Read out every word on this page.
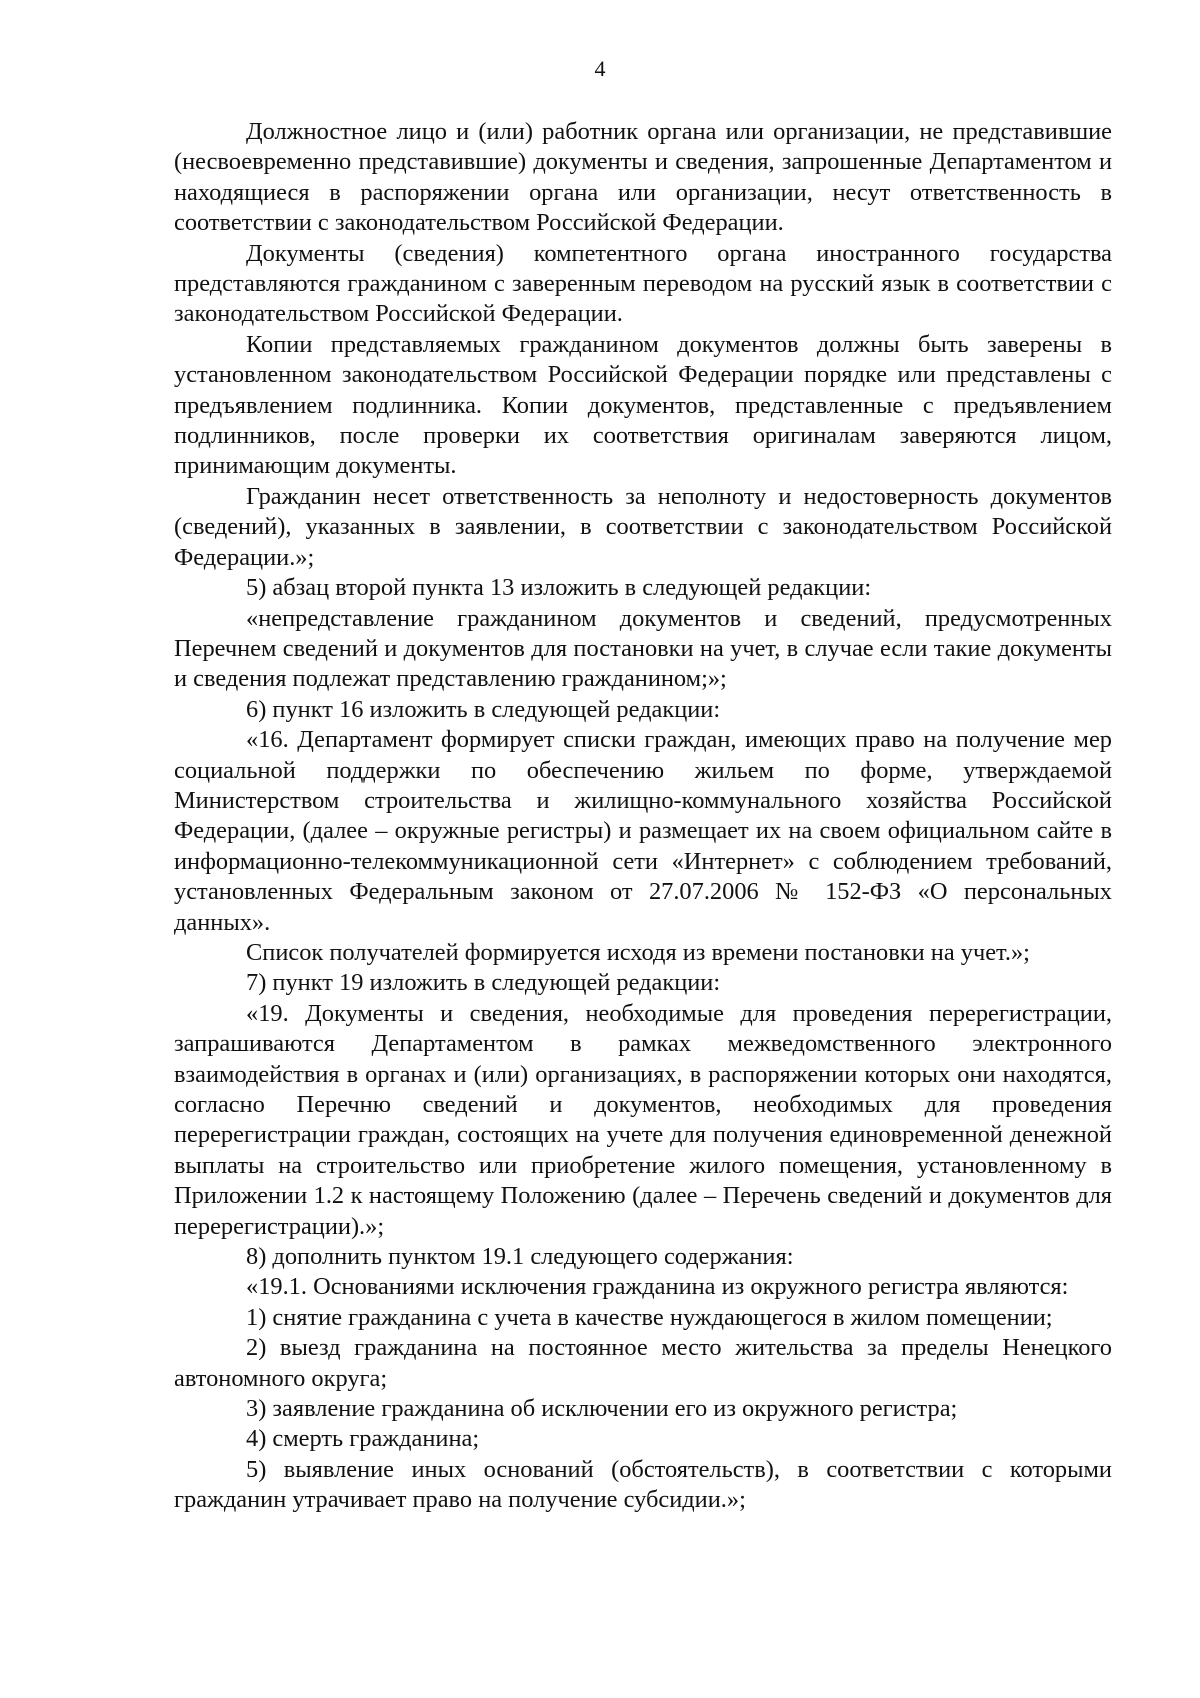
4

Должностное лицо и (или) работник органа или организации, не представившие (несвоевременно представившие) документы и сведения, запрошенные Департаментом и находящиеся в распоряжении органа или организации, несут ответственность в соответствии с законодательством Российской Федерации.

Документы (сведения) компетентного органа иностранного государства представляются гражданином с заверенным переводом на русский язык в соответствии с законодательством Российской Федерации.

Копии представляемых гражданином документов должны быть заверены в установленном законодательством Российской Федерации порядке или представлены с предъявлением подлинника. Копии документов, представленные с предъявлением подлинников, после проверки их соответствия оригиналам заверяются лицом, принимающим документы.

Гражданин несет ответственность за неполноту и недостоверность документов (сведений), указанных в заявлении, в соответствии с законодательством Российской Федерации.»;

5) абзац второй пункта 13 изложить в следующей редакции:

«непредставление гражданином документов и сведений, предусмотренных Перечнем сведений и документов для постановки на учет, в случае если такие документы и сведения подлежат представлению гражданином;»;

6) пункт 16 изложить в следующей редакции:

«16. Департамент формирует списки граждан, имеющих право на получение мер социальной поддержки по обеспечению жильем по форме, утверждаемой Министерством строительства и жилищно-коммунального хозяйства Российской Федерации, (далее – окружные регистры) и размещает их на своем официальном сайте в информационно-телекоммуникационной сети «Интернет» с соблюдением требований, установленных Федеральным законом от 27.07.2006 № 152-ФЗ «О персональных данных».

Список получателей формируется исходя из времени постановки на учет.»;

7) пункт 19 изложить в следующей редакции:

«19. Документы и сведения, необходимые для проведения перерегистрации, запрашиваются Департаментом в рамках межведомственного электронного взаимодействия в органах и (или) организациях, в распоряжении которых они находятся, согласно Перечню сведений и документов, необходимых для проведения перерегистрации граждан, состоящих на учете для получения единовременной денежной выплаты на строительство или приобретение жилого помещения, установленному в Приложении 1.2 к настоящему Положению (далее – Перечень сведений и документов для перерегистрации).»;

8) дополнить пунктом 19.1 следующего содержания:

«19.1. Основаниями исключения гражданина из окружного регистра являются:

1) снятие гражданина с учета в качестве нуждающегося в жилом помещении;

2) выезд гражданина на постоянное место жительства за пределы Ненецкого автономного округа;

3) заявление гражданина об исключении его из окружного регистра;

4) смерть гражданина;

5) выявление иных оснований (обстоятельств), в соответствии с которыми гражданин утрачивает право на получение субсидии.»;
